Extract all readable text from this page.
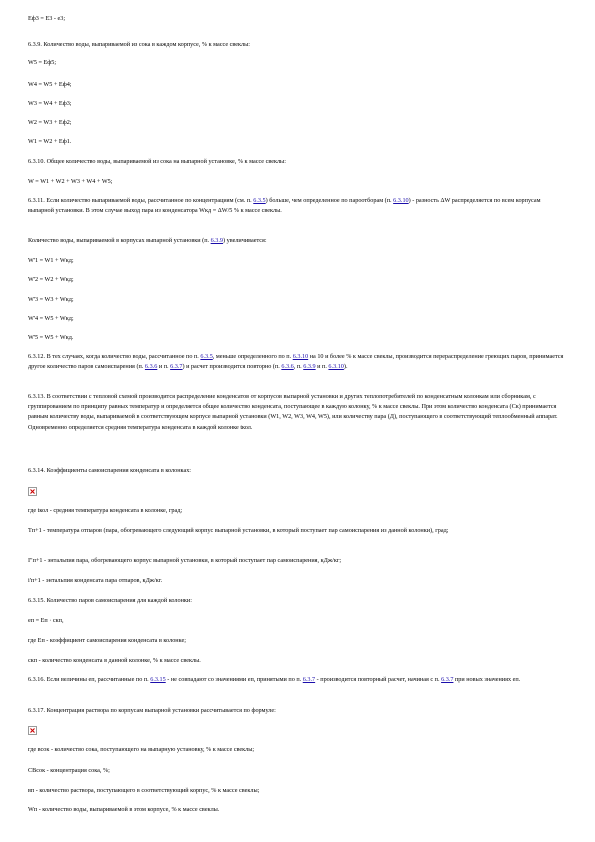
Eф3 = E3 - e3;

6.3.9. Количество воды, выпариваемой из сока в каждом корпусе, % к массе свеклы:

W5 = Eф5;

W4 = W5 + Eф4;

W3 = W4 + Eф3;

W2 = W3 + Eф2;

W1 = W2 + Eф1.

6.3.10. Общее количество воды, выпариваемой из сока на выпарной установке, % к массе свеклы:

W = W1 + W2 + W3 + W4 + W5;

6.3.11. Если количество выпариваемой воды, рассчитанное по концентрациям (см. п. 6.3.5) больше, чем определенное по пароотборам (п. 6.3.10) - разность ΔW распределяется по всем корпусам выпарной установки. В этом случае выход пара из конденсатора Wкд = ΔW/5 % к массе свеклы.

Количество воды, выпариваемой в корпусах выпарной установки (п. 6.3.9) увеличивается:

W'1 = W1 + Wкд;

W'2 = W2 + Wкд;

W'3 = W3 + Wкд;

W'4 = W5 + Wкд;

W'5 = W5 + Wкд.

6.3.12. В тех случаях, когда количество воды, рассчитанное по п. 6.3.5, меньше определенного по п. 6.3.10 на 10 и более % к массе свеклы, производится перераспределение греющих паров, принимается другое количество паров самоиспарения (п. 6.3.6 и п. 6.3.7) и расчет производится повторно (п. 6.3.6, п. 6.3.9 и п. 6.3.10).

6.3.13. В соответствии с тепловой схемой производится распределение конденсатов от корпусов выпарной установки и других теплопотребителей по конденсатным колонкам или сборникам, с группированием по принципу равных температур и определяется общее количество конденсата, поступающее в каждую колонку, % к массе свеклы. При этом количество конденсата (Ск) принимается равным количеству воды, выпариваемой в соответствующем корпусе выпарной установки (W1, W2, W3, W4, W5), или количеству пара (Д), поступающего в соответствующий теплообменный аппарат. Одновременно определяется средняя температура конденсата в каждой колонке tкол.

6.3.14. Коэффициенты самоиспарения конденсата в колонках:

где tкол - средняя температура конденсата в колонке, град;

Tп+1 - температура отпаров (пара, обогревающего следующий корпус выпарной установки, в который поступает пар самоиспарения из данной колонки), град;

I"п+1 - энтальпия пара, обогревающего корпус выпарной установки, в который поступает пар самоиспарения, кДж/кг;

i'п+1 - энтальпия конденсата пара отпаров, кДж/кг.

6.3.15. Количество паров самоиспарения для каждой колонки:

eп = Eп · cкп,

где Eп - коэффициент самоиспарения конденсата в колонке;

cкп - количество конденсата в данной колонке, % к массе свеклы.

6.3.16. Если величины eп, рассчитанные по п. 6.3.15 - не совпадают со значениями eп, принятыми по п. 6.3.7 - производится повторный расчет, начиная с п. 6.3.7 при новых значениях eп.

6.3.17. Концентрация раствора по корпусам выпарной установки рассчитывается по формуле:

где всок - количество сока, поступающего на выпарную установку, % к массе свеклы;

СВсок - концентрация сока, %;

вп - количество раствора, поступающего в соответствующий корпус, % к массе свеклы;

Wп - количество воды, выпариваемой в этом корпусе, % к массе свеклы.
